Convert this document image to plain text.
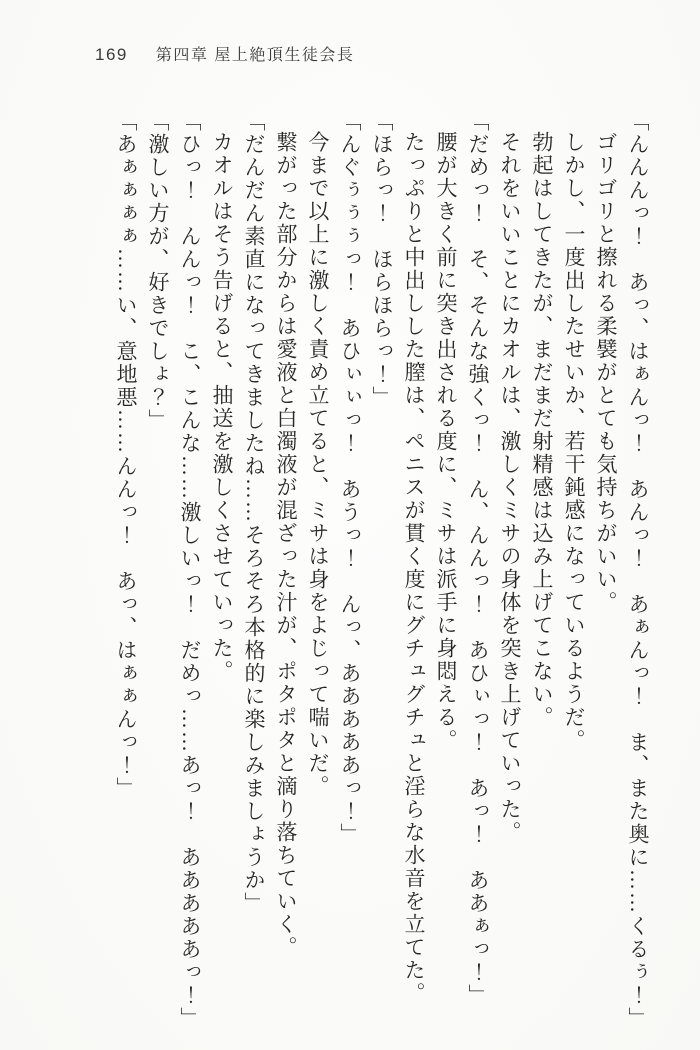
169 第四章 屋上絶頂生徒会長

「んんんっ！　あっ、はぁんっ！　あんっ！　あぁんっ！　ま、また奥に……くるぅ！」

ゴリゴリと擦れる柔襞がとても気持ちがいい。

しかし、一度出したせいか、若干鈍感になっているようだ。

勃起はしてきたが、まだまだ射精感は込み上げてこない。

それをいいことにカオルは、激しくミサの身体を突き上げていった。

「だめっ！　そ、そんな強くっ！　ん、んんっ！　あひぃっ！　あっ！　ああぁっ！」

腰が大きく前に突き出される度に、ミサは派手に身悶える。

たっぷりと中出しした膣は、ペニスが貫く度にグチュグチュと淫らな水音を立てた。

「ほらっ！　ほらほらっ！」

「んぐぅぅぅっ！　あひぃぃっ！　あうっ！　んっ、あああああっ！」

今まで以上に激しく責め立てると、ミサは身をよじって喘いだ。

繋がった部分からは愛液と白濁液が混ざった汁が、ポタポタと滴り落ちていく。

「だんだん素直になってきましたね……そろそろ本格的に楽しみましょうか」

カオルはそう告げると、抽送を激しくさせていった。

「ひっ！　んんっ！　こ、こんな……激しいっ！　だめっ……あっ！　あああああっ！」

「激しい方が、好きでしょ？」

「あぁぁぁぁ……い、意地悪……んんっ！　あっ、はぁぁんっ！」
